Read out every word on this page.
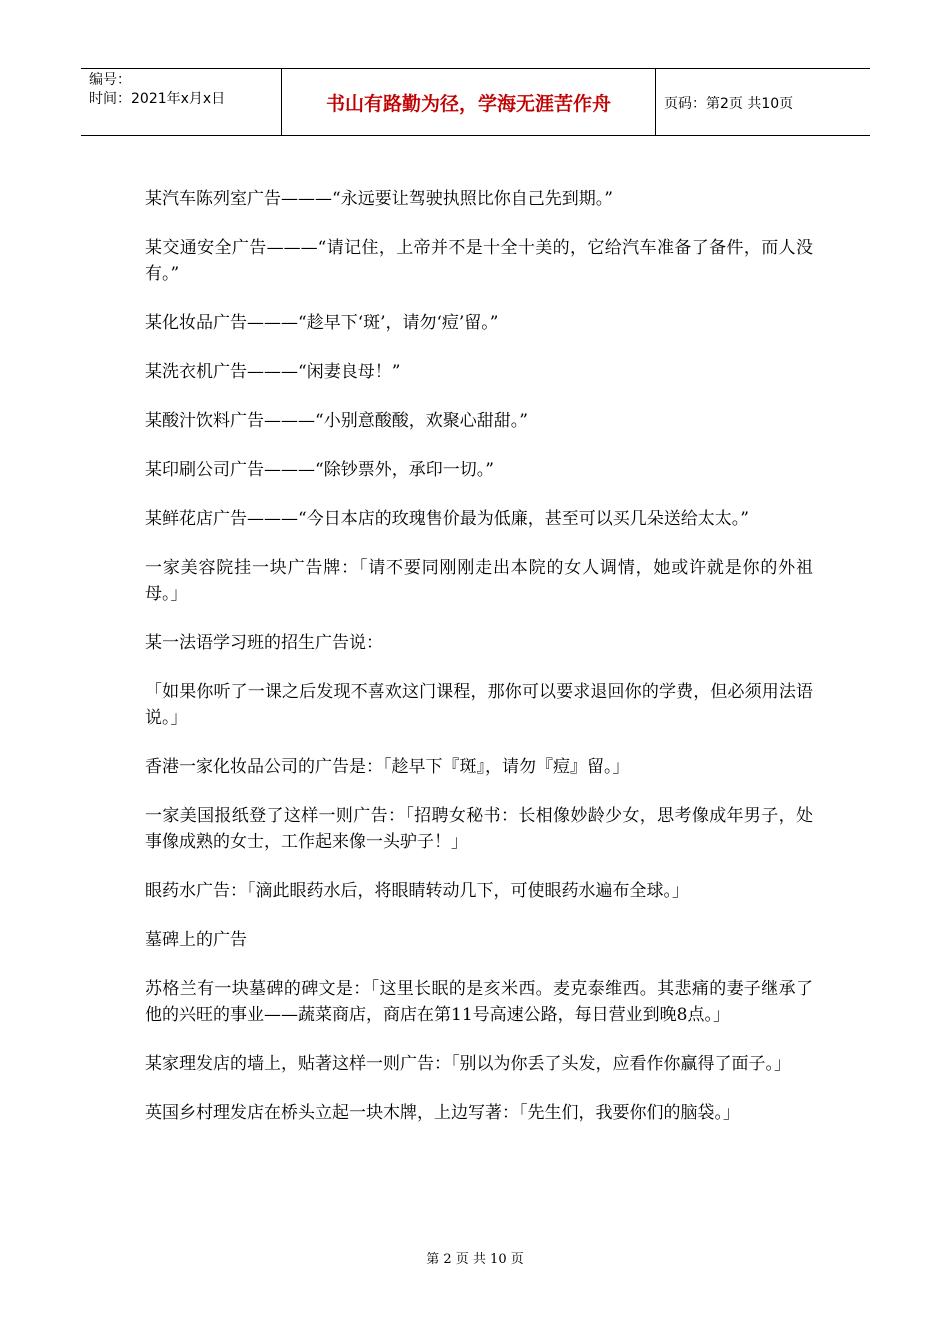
编号：
时间：2021年x月x日	书山有路勤为径，学海无涯苦作舟	页码：第2页 共10页

某汽车陈列室广告———“永远要让驾驶执照比你自己先到期。”

某交通安全广告———“请记住，上帝并不是十全十美的，它给汽车准备了备件，而人没有。”

某化妆品广告———“趁早下‘斑’，请勿‘痘’留。”

某洗衣机广告———“闲妻良母！”

某酸汁饮料广告———“小别意酸酸，欢聚心甜甜。”

某印刷公司广告———“除钞票外，承印一切。”

某鲜花店广告———“今日本店的玫瑰售价最为低廉，甚至可以买几朵送给太太。”

一家美容院挂一块广告牌：「请不要同刚刚走出本院的女人调情，她或许就是你的外祖母。」

某一法语学习班的招生广告说：

「如果你听了一课之后发现不喜欢这门课程，那你可以要求退回你的学费，但必须用法语说。」

香港一家化妆品公司的广告是：「趁早下『斑』，请勿『痘』留。」

一家美国报纸登了这样一则广告：「招聘女秘书：长相像妙龄少女，思考像成年男子，处事像成熟的女士，工作起来像一头驴子！」

眼药水广告：「滴此眼药水后，将眼睛转动几下，可使眼药水遍布全球。」

墓碑上的广告

苏格兰有一块墓碑的碑文是：「这里长眠的是亥米西。麦克泰维西。其悲痛的妻子继承了他的兴旺的事业——蔬菜商店，商店在第11号高速公路，每日营业到晚8点。」

某家理发店的墙上，贴著这样一则广告：「别以为你丢了头发，应看作你赢得了面子。」

英国乡村理发店在桥头立起一块木牌，上边写著：「先生们，我要你们的脑袋。」

第 2 页 共 10 页
